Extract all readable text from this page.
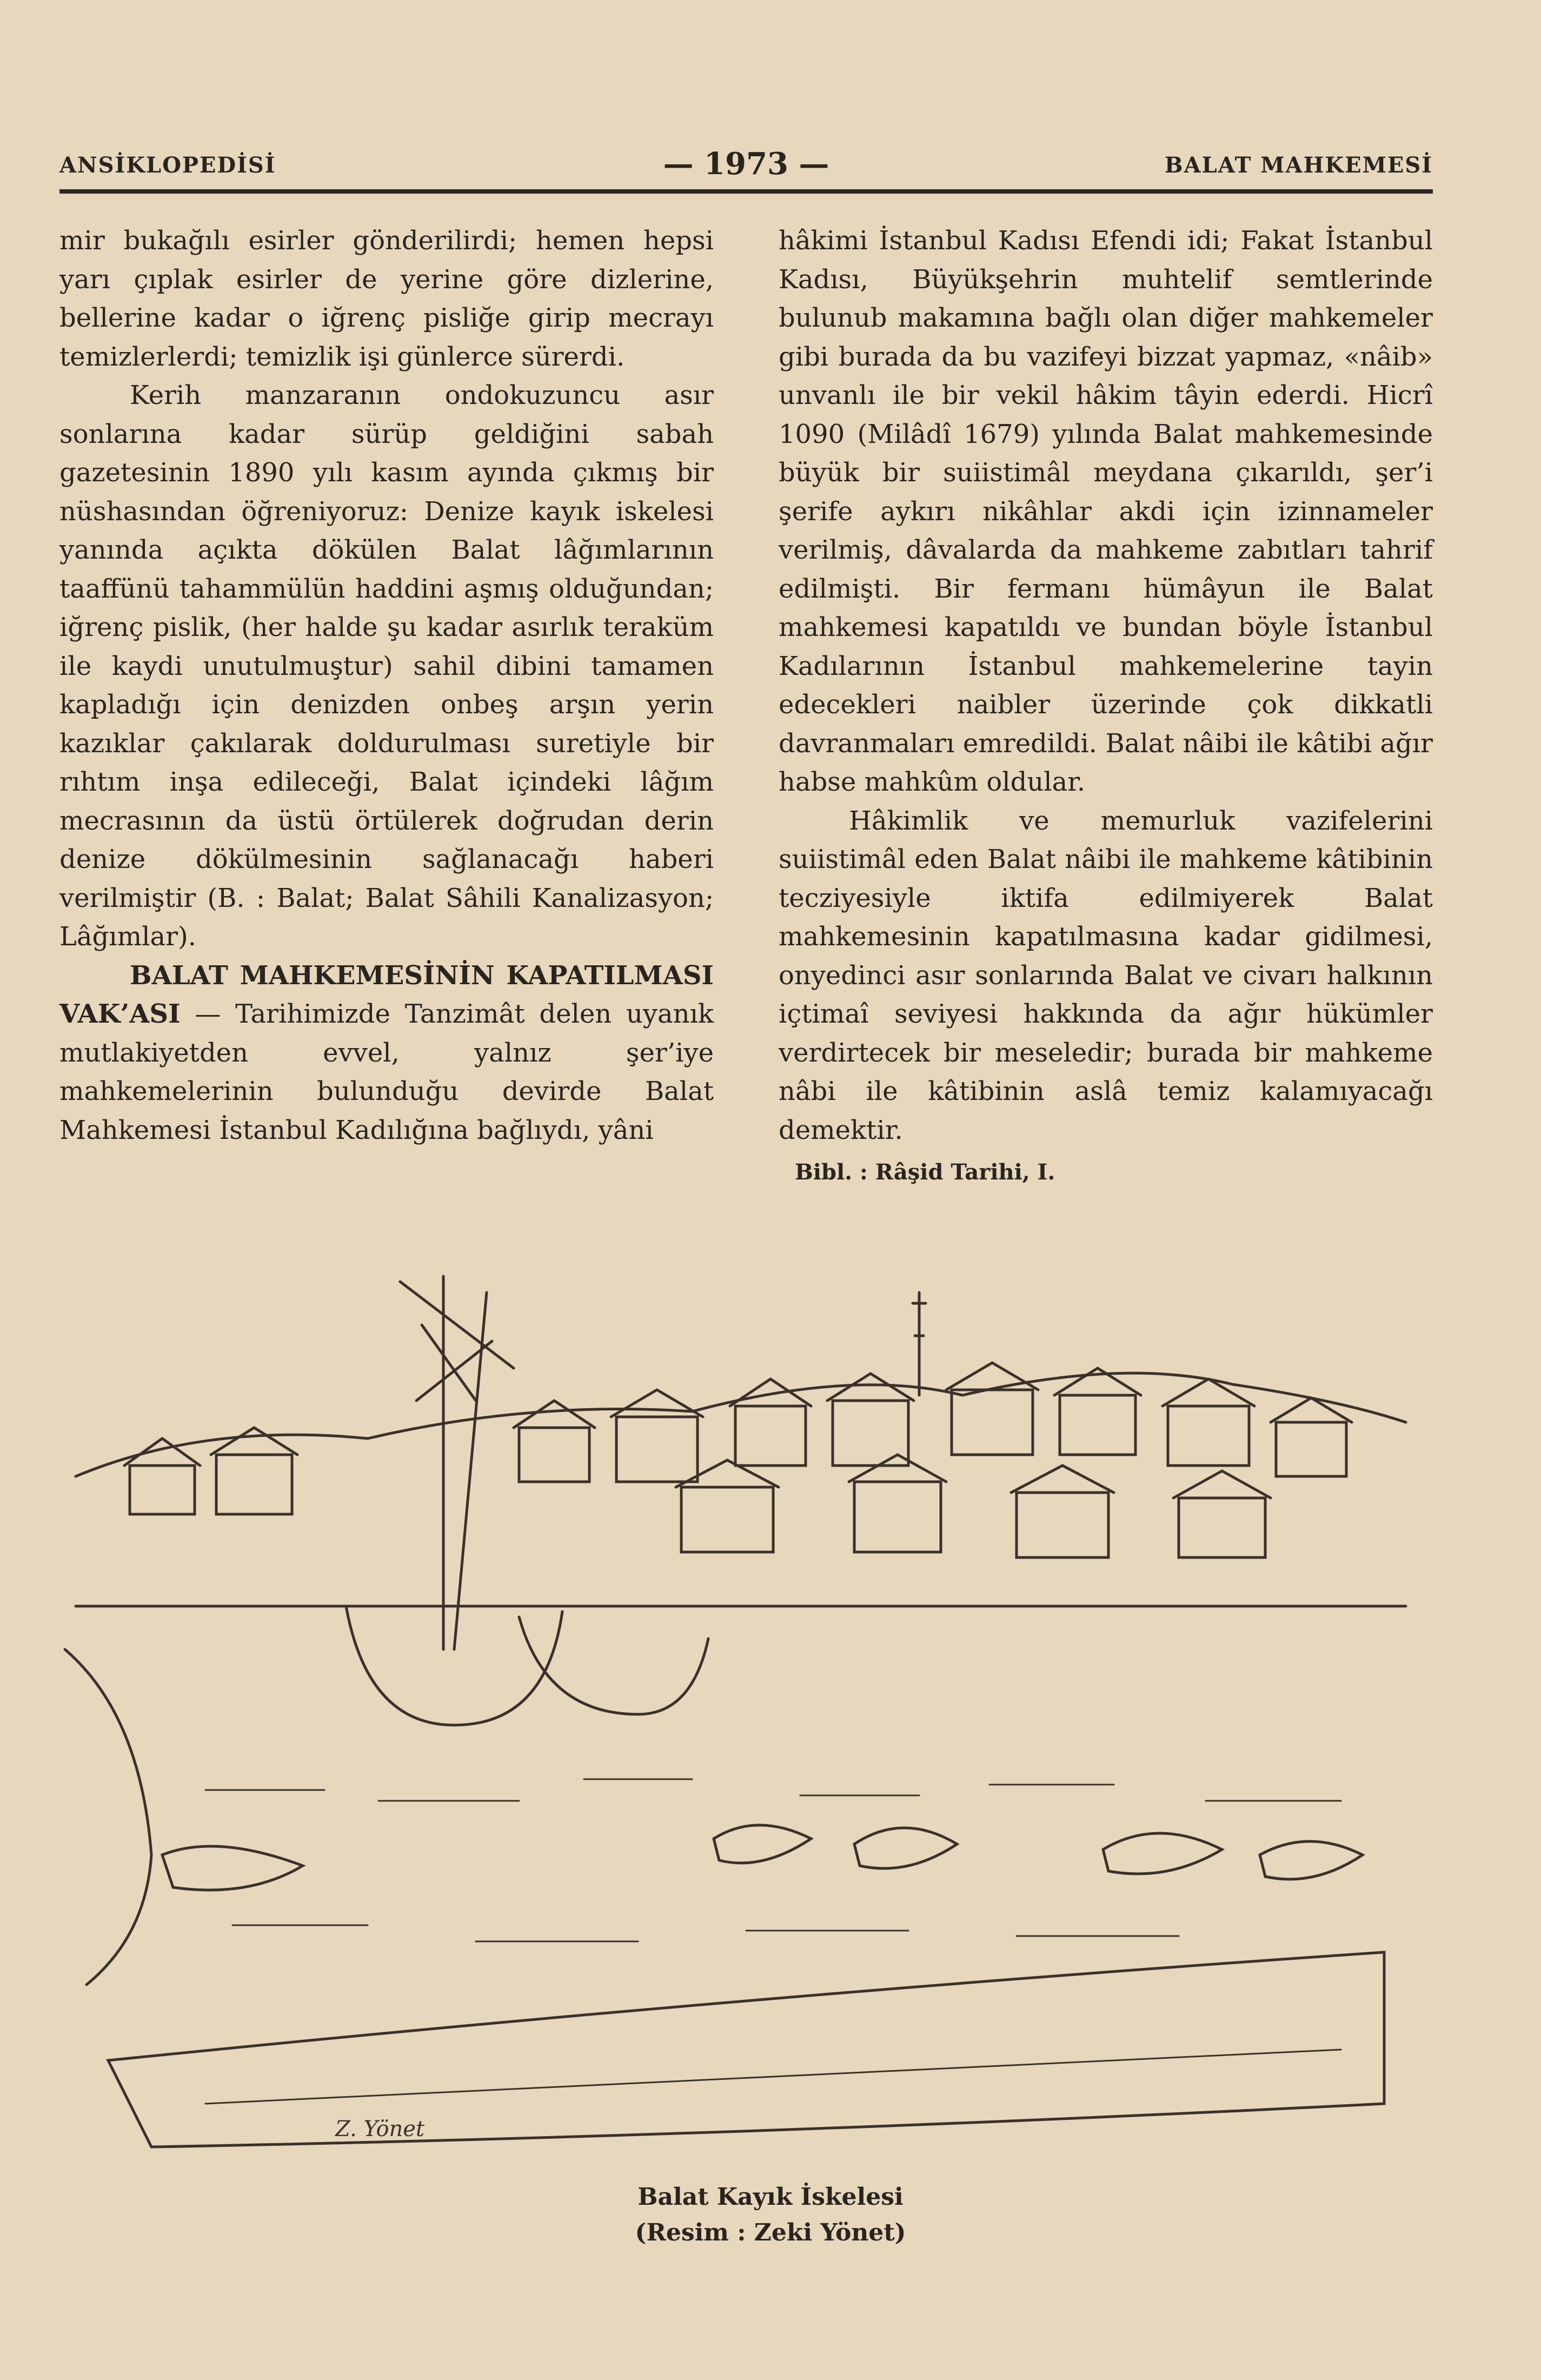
ANSİKLOPEDİSİ	— 1973 —	BALAT MAHKEMESİ

mir bukağılı esirler gönderilirdi; hemen hepsi yarı çıplak esirler de yerine göre dizlerine, bellerine kadar o iğrenç pisliğe girip mecrayı temizlerlerdi; temizlik işi günlerce sürerdi.

Kerih manzaranın ondokuzuncu asır sonlarına kadar sürüp geldiğini sabah gazetesinin 1890 yılı kasım ayında çıkmış bir nüshasından öğreniyoruz: Denize kayık iskelesi yanında açıkta dökülen Balat lâğımlarının taaffünü tahammülün haddini aşmış olduğundan; iğrenç pislik, (her halde şu kadar asırlık teraküm ile kaydi unutulmuştur) sahil dibini tamamen kapladığı için denizden onbeş arşın yerin kazıklar çakılarak doldurulması suretiyle bir rıhtım inşa edileceği, Balat içindeki lâğım mecrasının da üstü örtülerek doğrudan derin denize dökülmesinin sağlanacağı haberi verilmiştir (B. : Balat; Balat Sâhili Kanalizasyon; Lâğımlar).

BALAT MAHKEMESİNİN KAPATILMASI VAK’ASI — Tarihimizde Tanzimât delen uyanık mutlakiyetden evvel, yalnız şer’iye mahkemelerinin bulunduğu devirde Balat Mahkemesi İstanbul Kadılığına bağlıydı, yâni

hâkimi İstanbul Kadısı Efendi idi; Fakat İstanbul Kadısı, Büyükşehrin muhtelif semtlerinde bulunub makamına bağlı olan diğer mahkemeler gibi burada da bu vazifeyi bizzat yapmaz, «nâib» unvanlı ile bir vekil hâkim tâyin ederdi. Hicrî 1090 (Milâdî 1679) yılında Balat mahkemesinde büyük bir suiistimâl meydana çıkarıldı, şer’i şerife aykırı nikâhlar akdi için izinnameler verilmiş, dâvalarda da mahkeme zabıtları tahrif edilmişti. Bir fermanı hümâyun ile Balat mahkemesi kapatıldı ve bundan böyle İstanbul Kadılarının İstanbul mahkemelerine tayin edecekleri naibler üzerinde çok dikkatli davranmaları emredildi. Balat nâibi ile kâtibi ağır habse mahkûm oldular.

Hâkimlik ve memurluk vazifelerini suiistimâl eden Balat nâibi ile mahkeme kâtibinin tecziyesiyle iktifa edilmiyerek Balat mahkemesinin kapatılmasına kadar gidilmesi, onyedinci asır sonlarında Balat ve civarı halkının içtimaî seviyesi hakkında da ağır hükümler verdirtecek bir meseledir; burada bir mahkeme nâbi ile kâtibinin aslâ temiz kalamıyacağı demektir.

Bibl. : Râşid Tarihi, I.

Z. Yönet
Balat Kayık İskelesi
(Resim : Zeki Yönet)
